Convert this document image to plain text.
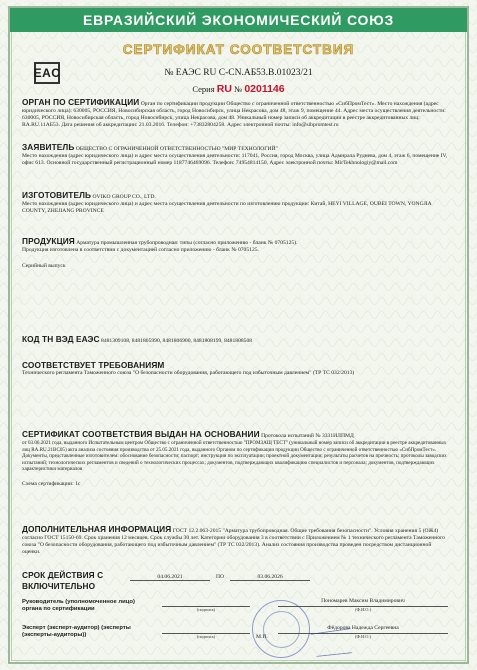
ЕВРАЗИЙСКИЙ ЭКОНОМИЧЕСКИЙ СОЮЗ
СЕРТИФИКАТ СООТВЕТСТВИЯ
EAC	№ ЕАЭС RU C-CN.АБ53.В.01023/21
Серия RU № 0201146
ОРГАН ПО СЕРТИФИКАЦИИ Орган по сертификации продукции Общество с ограниченной ответственностью «СибПромТест». Место нахождения (адрес юридического лица): 630005, РОССИЯ, Новосибирская область, город Новосибирск, улица Некрасова, дом 48, этаж 9, помещение 44. Адрес места осуществления деятельности: 630005, РОССИЯ, Новосибирская область, город Новосибирск, улица Некрасова, дом 48. Уникальный номер записи об аккредитации в реестре аккредитованных лиц: RA.RU.11АБ53. Дата решения об аккредитации: 21.03.2016. Телефон: +73832804258. Адрес электронной почты: info@sibpromtest.ru
ЗАЯВИТЕЛЬ ОБЩЕСТВО С ОГРАНИЧЕННОЙ ОТВЕТСТВЕННОСТЬЮ "МИР ТЕХНОЛОГИЙ"
Место нахождения (адрес юридического лица) и адрес места осуществления деятельности: 117041, Россия, город Москва, улица Адмирала Руднева, дом 4, этаж 6, помещение IV, офис 613. Основной государственный регистрационный номер 1187746469096. Телефон: 74954814150, Адрес электронной почты: MirTekhnologiy@mail.com
ИЗГОТОВИТЕЛЬ OVIKO GROUP CO., LTD.
Место нахождения (адрес юридического лица) и адрес места осуществления деятельности по изготовлению продукции: Китай, HEYI VILLAGE, OUBEI TOWN, YONGJIA COUNTY, ZHEJIANG PROVINCE
ПРОДУКЦИЯ Арматура промышленная трубопроводная: типы (согласно приложению - бланк № 0705125).
Продукция изготовлена в соответствии с документацией согласно приложению - бланк № 0705125.
Серийный выпуск
КОД ТН ВЭД ЕАЭС 8481309108, 8481805990, 8481806900, 8481808199, 8481808508
СООТВЕТСТВУЕТ ТРЕБОВАНИЯМ
Технического регламента Таможенного союза "О безопасности оборудования, работающего под избыточным давлением" (ТР ТС 032/2013)
СЕРТИФИКАТ СООТВЕТСТВИЯ ВЫДАН НА ОСНОВАНИИ Протокола испытаний № 3331ИЛПМД
от 03.06.2021 года, выданного Испытательным центром Общество с ограниченной ответственностью "ПРОМЗАЩ ТЕСТ" (уникальный номер записи об аккредитации в реестре аккредитованных лиц RA.RU.21ВС05) акта анализа состояния производства от 25.05.2021 года, выданного Органом по сертификации продукции Общество с ограниченной ответственностью «СибПромТест». Документы, представленные изготовителем: обоснование безопасности; паспорт; инструкции по эксплуатации; проектной документации; результаты расчетов на прочность; протоколы заводских испытаний; технологических регламентов и сведений о технологических процессах; документов, подтверждающих квалификацию специалистов и персонала; документов, подтверждающих характеристики материалов
Схема сертификации: 1с
ДОПОЛНИТЕЛЬНАЯ ИНФОРМАЦИЯ ГОСТ 12.2.063-2015 "Арматура трубопроводная. Общие требования безопасности". Условия хранения 5 (ОЖ4) согласно ГОСТ 15150-69. Срок хранения 12 месяцев. Срок службы 30 лет. Категории оборудования 3 в соответствии с Приложением № 1 технического регламента Таможенного союза "О безопасности оборудования, работающего под избыточным давлением" (ТР ТС 032/2013). Анализ состояния производства проведен посредством дистанционной оценки.
СРОК ДЕЙСТВИЯ С	04.06.2021	ПО	03.06.2026
ВКЛЮЧИТЕЛЬНО
Руководитель (уполномоченное лицо) органа по сертификации	(подпись)
Пономарев Максим Владимирович
(Ф.И.О.)
М.П.
Эксперт (эксперт-аудитор) (эксперты (эксперты-аудиторы))	(подпись)
Фёдорова Надежда Сергеевна
(Ф.И.О.)
